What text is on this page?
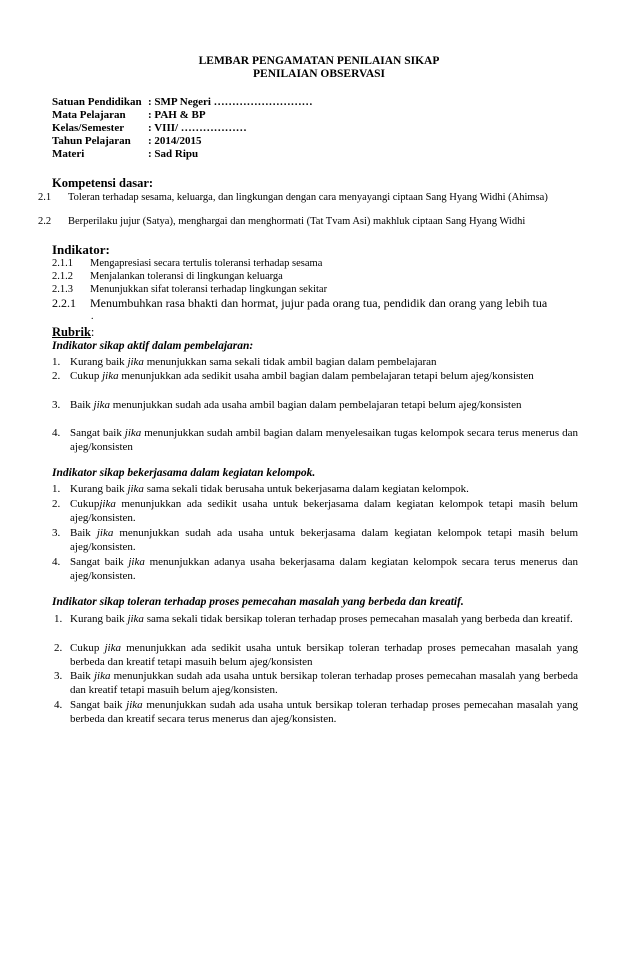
LEMBAR PENGAMATAN PENILAIAN SIKAP
PENILAIAN OBSERVASI
Satuan Pendidikan : SMP Negeri ………………………
Mata Pelajaran	: PAH & BP
Kelas/Semester	: VIII/ ………………
Tahun Pelajaran	: 2014/2015
Materi	: Sad Ripu
Kompetensi dasar:
2.1	Toleran terhadap sesama, keluarga, dan lingkungan dengan cara menyayangi ciptaan Sang Hyang Widhi (Ahimsa)
2.2	Berperilaku jujur (Satya), menghargai dan menghormati (Tat Tvam Asi) makhluk ciptaan Sang Hyang Widhi
Indikator:
2.1.1 Mengapresiasi secara tertulis toleransi terhadap sesama
2.1.2 Menjalankan toleransi di lingkungan keluarga
2.1.3 Menunjukkan sifat toleransi terhadap lingkungan sekitar
2.2.1 Menumbuhkan rasa bhakti dan hormat, jujur pada orang tua, pendidik dan orang yang lebih tua
.
Rubrik:
Indikator sikap aktif dalam pembelajaran:
1. Kurang baik jika menunjukkan sama sekali tidak ambil bagian dalam pembelajaran
2. Cukup jika menunjukkan ada sedikit usaha ambil bagian dalam pembelajaran tetapi belum ajeg/konsisten
3. Baik jika menunjukkan sudah ada usaha ambil bagian dalam pembelajaran tetapi belum ajeg/konsisten
4. Sangat baik jika menunjukkan sudah ambil bagian dalam menyelesaikan tugas kelompok secara terus menerus dan ajeg/konsisten
Indikator sikap bekerjasama dalam kegiatan kelompok.
1. Kurang baik jika sama sekali tidak berusaha untuk bekerjasama dalam kegiatan kelompok.
2. Cukupjika menunjukkan ada sedikit usaha untuk bekerjasama dalam kegiatan kelompok tetapi masih belum ajeg/konsisten.
3. Baik jika menunjukkan sudah ada usaha untuk bekerjasama dalam kegiatan kelompok tetapi masih belum ajeg/konsisten.
4. Sangat baik jika menunjukkan adanya usaha bekerjasama dalam kegiatan kelompok secara terus menerus dan ajeg/konsisten.
Indikator sikap toleran terhadap proses pemecahan masalah yang berbeda dan kreatif.
1. Kurang baik jika sama sekali tidak bersikap toleran terhadap proses pemecahan masalah yang berbeda dan kreatif.
2. Cukup jika menunjukkan ada sedikit usaha untuk bersikap toleran terhadap proses pemecahan masalah yang berbeda dan kreatif tetapi masuih belum ajeg/konsisten
3. Baik jika menunjukkan sudah ada usaha untuk bersikap toleran terhadap proses pemecahan masalah yang berbeda dan kreatif tetapi masuih belum ajeg/konsisten.
4. Sangat baik jika menunjukkan sudah ada usaha untuk bersikap toleran terhadap proses pemecahan masalah yang berbeda dan kreatif secara terus menerus dan ajeg/konsisten.
